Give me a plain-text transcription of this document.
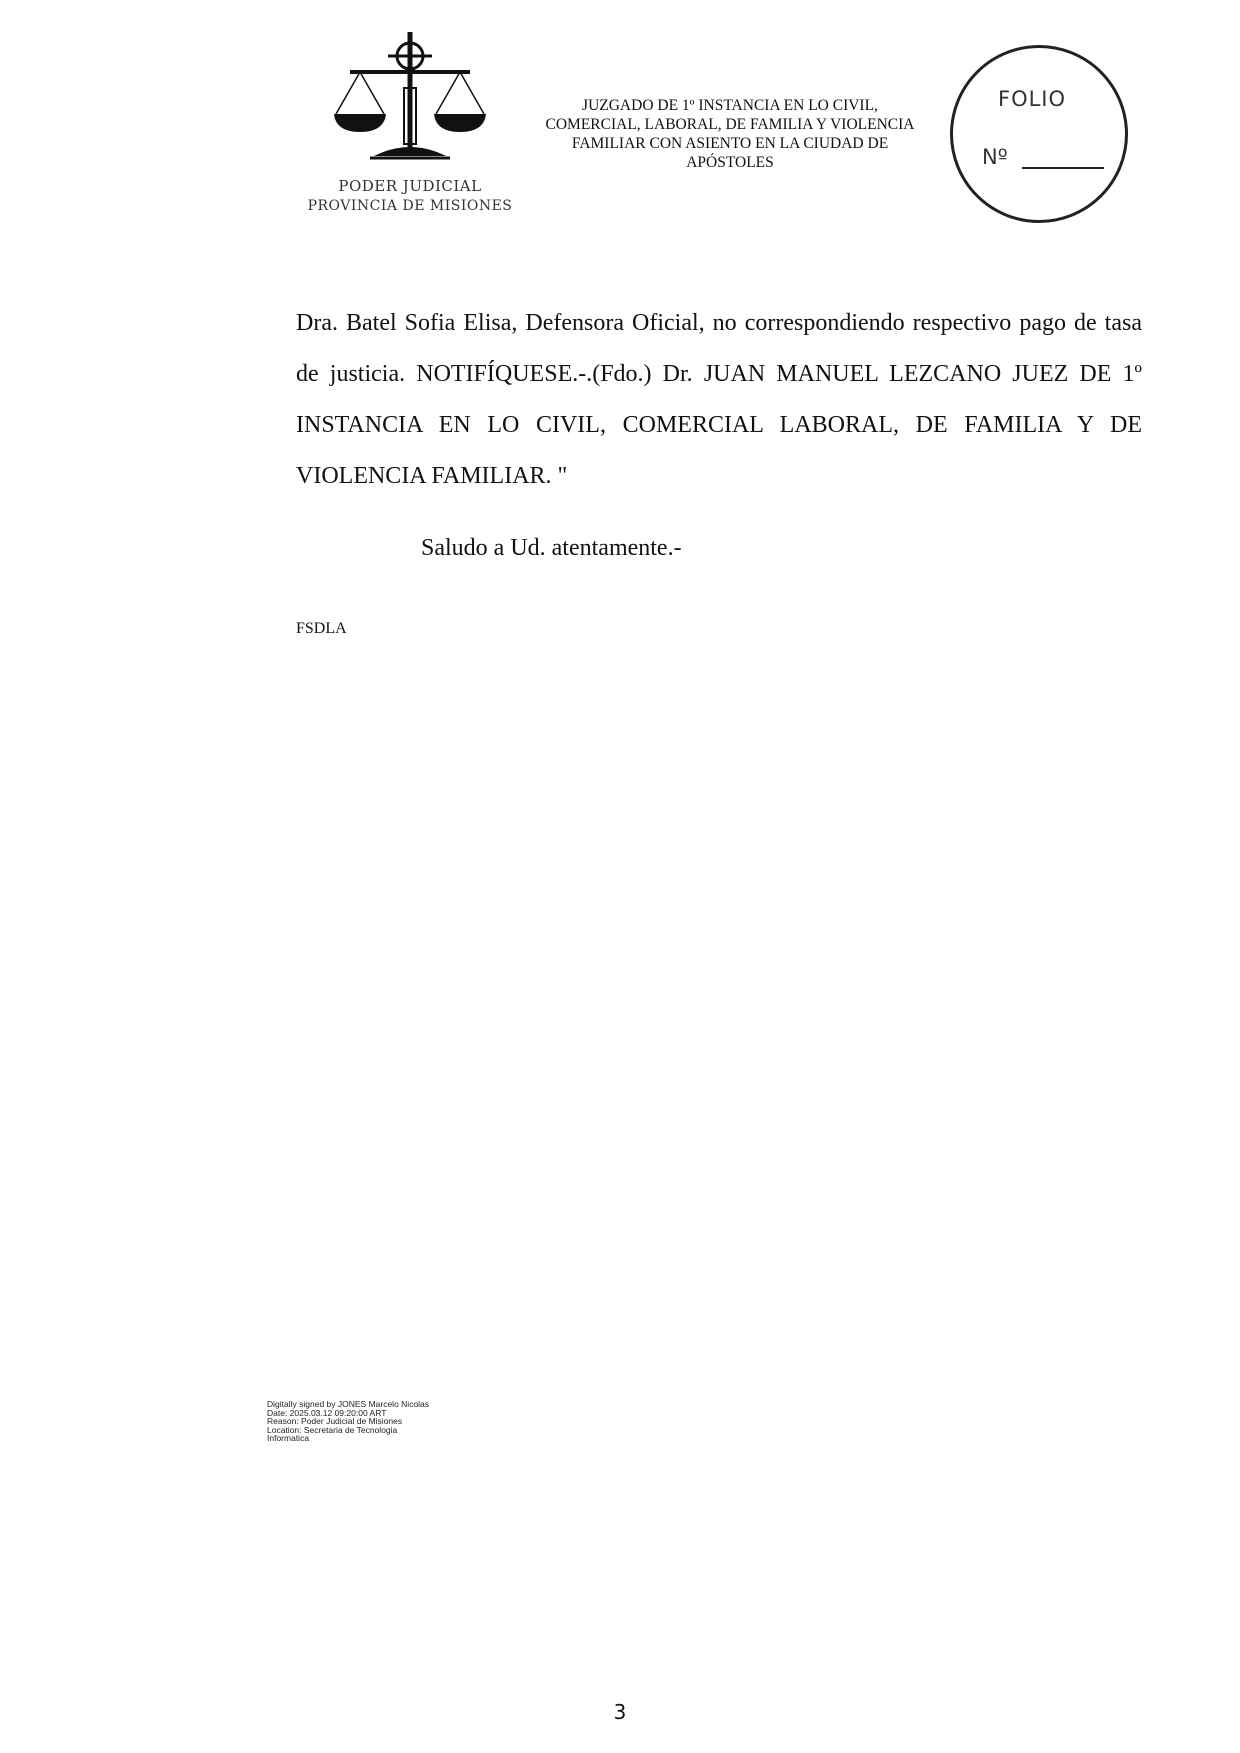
PODER JUDICIAL
PROVINCIA DE MISIONES
JUZGADO DE 1º INSTANCIA EN LO CIVIL,
COMERCIAL, LABORAL, DE FAMILIA Y VIOLENCIA
FAMILIAR CON ASIENTO EN LA CIUDAD DE
APÓSTOLES
FOLIO
Nº
Dra. Batel Sofia Elisa, Defensora Oficial, no correspondiendo respectivo pago de tasa de justicia. NOTIFÍQUESE.-.(Fdo.) Dr. JUAN MANUEL LEZCANO JUEZ DE 1º INSTANCIA EN LO CIVIL, COMERCIAL LABORAL, DE FAMILIA Y DE VIOLENCIA FAMILIAR. "
Saludo a Ud. atentamente.-
FSDLA
Digitally signed by JONES Marcelo Nicolas
Date: 2025.03.12 09:20:00 ART
Reason: Poder Judicial de Misiones
Location: Secretaria de Tecnologia
Informatica
3
